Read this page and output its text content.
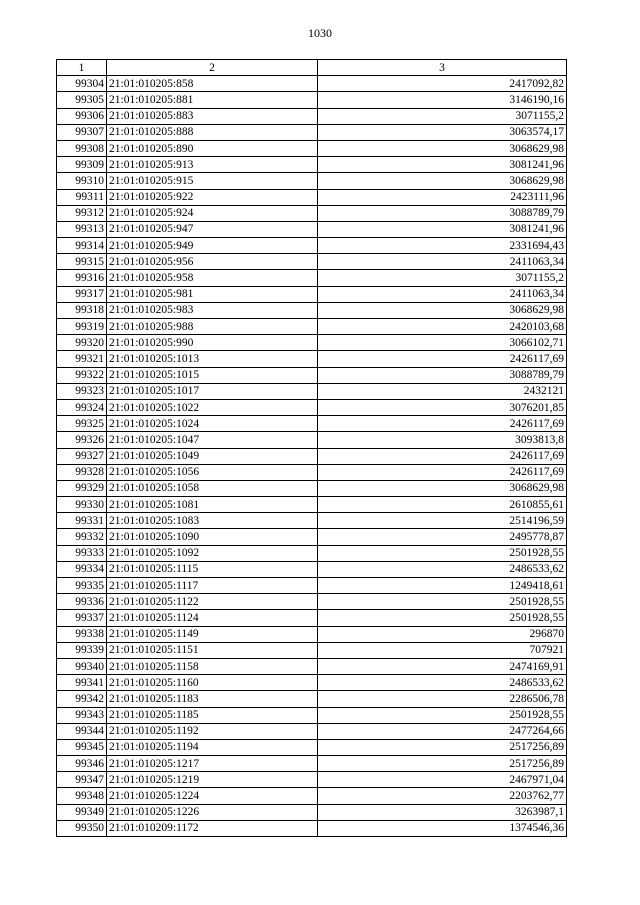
1030
1	2	3
99304	21:01:010205:858	2417092,82
99305	21:01:010205:881	3146190,16
99306	21:01:010205:883	3071155,2
99307	21:01:010205:888	3063574,17
99308	21:01:010205:890	3068629,98
99309	21:01:010205:913	3081241,96
99310	21:01:010205:915	3068629,98
99311	21:01:010205:922	2423111,96
99312	21:01:010205:924	3088789,79
99313	21:01:010205:947	3081241,96
99314	21:01:010205:949	2331694,43
99315	21:01:010205:956	2411063,34
99316	21:01:010205:958	3071155,2
99317	21:01:010205:981	2411063,34
99318	21:01:010205:983	3068629,98
99319	21:01:010205:988	2420103,68
99320	21:01:010205:990	3066102,71
99321	21:01:010205:1013	2426117,69
99322	21:01:010205:1015	3088789,79
99323	21:01:010205:1017	2432121
99324	21:01:010205:1022	3076201,85
99325	21:01:010205:1024	2426117,69
99326	21:01:010205:1047	3093813,8
99327	21:01:010205:1049	2426117,69
99328	21:01:010205:1056	2426117,69
99329	21:01:010205:1058	3068629,98
99330	21:01:010205:1081	2610855,61
99331	21:01:010205:1083	2514196,59
99332	21:01:010205:1090	2495778,87
99333	21:01:010205:1092	2501928,55
99334	21:01:010205:1115	2486533,62
99335	21:01:010205:1117	1249418,61
99336	21:01:010205:1122	2501928,55
99337	21:01:010205:1124	2501928,55
99338	21:01:010205:1149	296870
99339	21:01:010205:1151	707921
99340	21:01:010205:1158	2474169,91
99341	21:01:010205:1160	2486533,62
99342	21:01:010205:1183	2286506,78
99343	21:01:010205:1185	2501928,55
99344	21:01:010205:1192	2477264,66
99345	21:01:010205:1194	2517256,89
99346	21:01:010205:1217	2517256,89
99347	21:01:010205:1219	2467971,04
99348	21:01:010205:1224	2203762,77
99349	21:01:010205:1226	3263987,1
99350	21:01:010209:1172	1374546,36
